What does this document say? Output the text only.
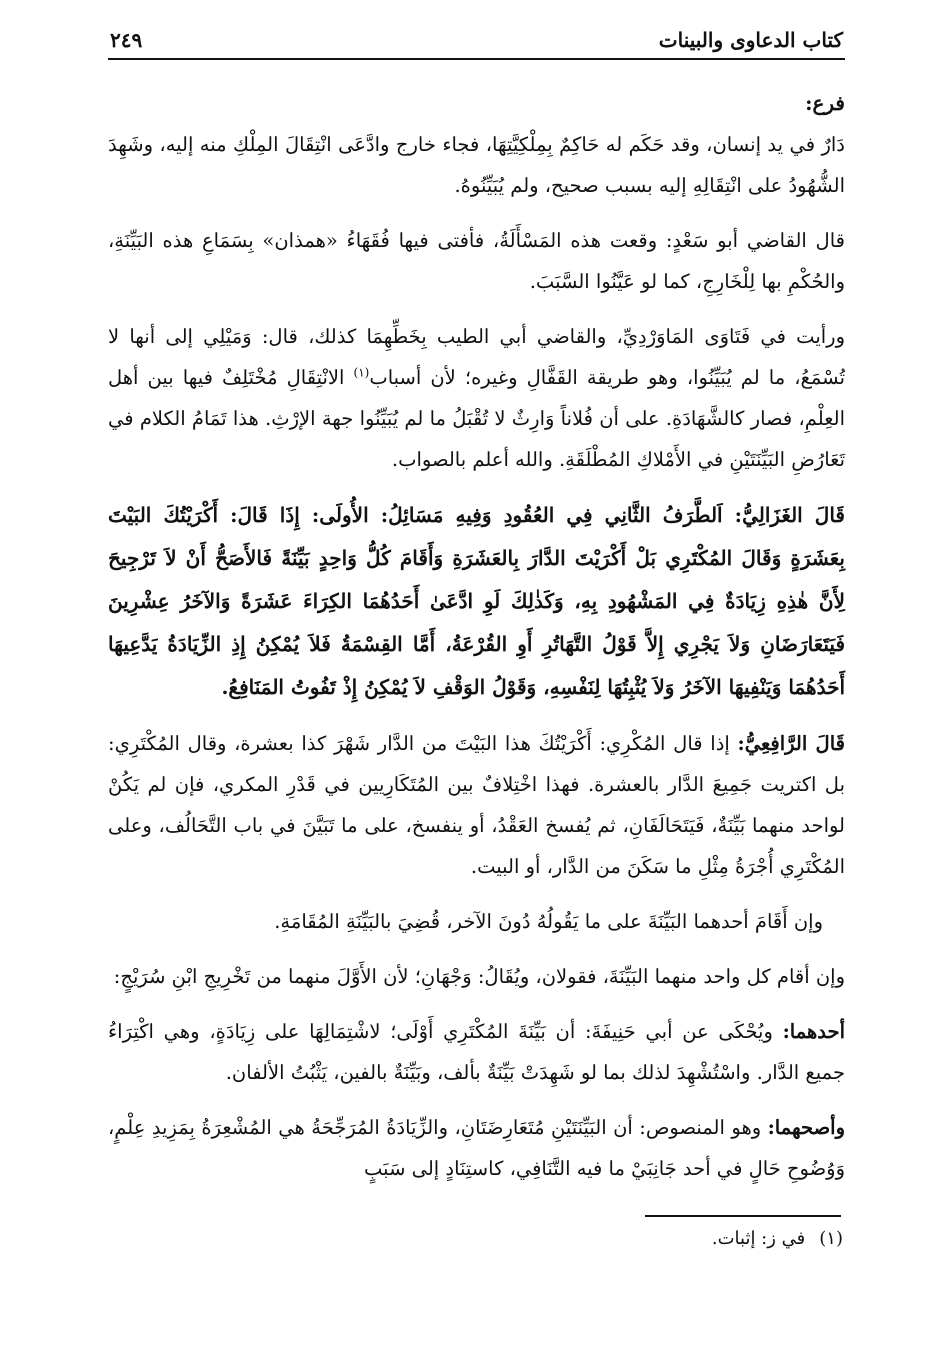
كتاب الدعاوى والبينات
٢٤٩

فرع:

دَارٌ في يد إنسان، وقد حَكَم له حَاكِمٌ بِمِلْكِيَّتِهَا، فجاء خارج وادَّعَى انْتِقَالَ المِلْكِ منه إليه، وشَهِدَ الشُّهُودُ على انْتِقَالِهِ إليه بسبب صحيح، ولم يُبَيِّنُوهُ.

قال القاضي أبو سَعْدٍ: وقعت هذه المَسْأَلَةُ، فأفتى فيها فُقَهَاءُ «همذان» بِسَمَاعِ هذه البَيِّنَةِ، والحُكْمِ بها لِلْخَارِجِ، كما لو عَيَّنُوا السَّبَبَ.

ورأيت في فَتَاوَى المَاوَرْدِيِّ، والقاضي أبي الطيب بِخَطِّهِمَا كذلك، قال: وَمَيْلِي إلى أنها لا تُسْمَعُ، ما لم يُبَيِّنُوا، وهو طريقة القَفَّالِ وغيره؛ لأن أسباب$^{(١)}$ الانْتِقَالِ مُخْتَلِفٌ فيها بين أهل العِلْمِ، فصار كالشَّهَادَةِ. على أن فُلاناً وَارِثٌ لا تُقْبَلُ ما لم يُبَيِّنُوا جهة الإرْثِ. هذا تَمَامُ الكلام في تَعَارُضِ البَيِّنَتَيْنِ في الأَمْلاكِ المُطْلَقَةِ. والله أعلم بالصواب.

قَالَ الغَزَالِيُّ: اَلطَّرَفُ الثَّانِي فِي العُقُودِ وَفِيهِ مَسَائِلُ: الأُولَى: إِذَا قَالَ: أَكْرَيْتُكَ البَيْتَ بِعَشَرَةٍ وَقَالَ المُكْتَرِي بَلْ أَكْرَيْتَ الدَّارَ بِالعَشَرَةِ وَأَقَامَ كُلُّ وَاحِدٍ بَيِّنَةً فَالأَصَحُّ أَنْ لاَ تَرْجِيحَ لِأَنَّ هٰذِهِ زِيَادَةٌ فِي المَشْهُودِ بِهِ، وَكَذٰلِكَ لَوِ ادَّعَىٰ أَحَدُهُمَا الكِرَاءَ عَشَرَةً وَالآخَرُ عِشْرِينَ فَيَتَعَارَضَانِ وَلاَ يَجْرِي إِلاَّ قَوْلُ التَّهَاتُرِ أَوِ القُرْعَةُ، أَمَّا القِسْمَةُ فَلاَ يُمْكِنُ إِذِ الزِّيَادَةُ يَدَّعِيهَا أَحَدُهُمَا وَيَنْفِيهَا الآخَرُ وَلاَ يُثْبِتُهَا لِنَفْسِهِ، وَقَوْلُ الوَقْفِ لاَ يُمْكِنُ إِذْ تَفُوتُ المَنَافِعُ.

قَالَ الرَّافِعِيُّ: إذا قال المُكْرِي: أَكْرَيْتُكَ هذا البَيْتَ من الدَّار شَهْرَ كذا بعشرة، وقال المُكْتَرِي: بل اكتريت جَمِيعَ الدَّار بالعشرة. فهذا اخْتِلافٌ بين المُتَكَارِيين في قَدْرِ المكري، فإن لم يَكُنْ لواحد منهما بَيِّنَةٌ، فَيَتَحَالَفَانِ، ثم يُفسخ العَقْدُ، أو ينفسخ، على ما تَبَيَّنَ في باب التَّحَالُف، وعلى المُكْتَرِي أُجْرَةُ مِثْلِ ما سَكَنَ من الدَّار، أو البيت.

وإن أَقَامَ أحدهما البَيِّنَةَ على ما يَقُولُهُ دُونَ الآخر، قُضِيَ بالبَيِّنَةِ المُقَامَةِ.

وإن أقام كل واحد منهما البَيِّنَةَ، فقولان، ويُقَالُ: وَجْهَانِ؛ لأن الأَوَّلَ منهما من تَخْرِيجِ ابْنِ سُرَيْجٍ:

أحدهما: ويُحْكَى عن أبي حَنِيفَةَ: أن بَيِّنَةَ المُكْتَرِي أَوْلَى؛ لاشْتِمَالِهَا على زِيَادَةٍ، وهي اكْتِرَاءُ جميع الدَّار. واسْتُشْهِدَ لذلك بما لو شَهِدَتْ بَيِّنَةٌ بألف، وبَيِّنَةٌ بالفين، يَثْبُتُ الألفان.

وأصحهما: وهو المنصوص: أن البَيِّنَتَيْنِ مُتَعَارِضَتَانِ، والزِّيَادَةُ المُرَجِّحَةُ هي المُشْعِرَةُ بِمَزِيدِ عِلْمٍ، وَوُضُوحِ حَالٍ في أحد جَانِبَيْ ما فيه التَّنَافِي، كاستِنَادٍ إلى سَبَبٍ

(١)في ز: إثبات.
